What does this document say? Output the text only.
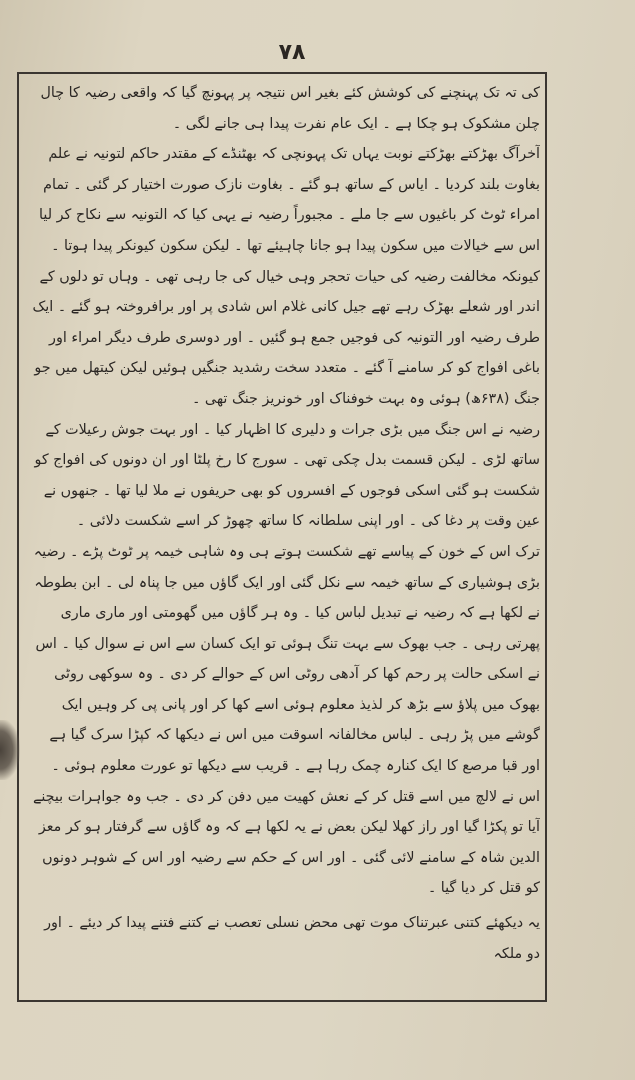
۷۸

کی تہ تک پہنچنے کی کوشش کئے بغیر اس نتیجہ پر پہونچ گیا کہ واقعی رضیہ کا چال چلن مشکوک ہو چکا ہے ۔ ایک عام نفرت پیدا ہی جانے لگی ۔

آخرآگ بھڑکتے بھڑکتے نوبت یہاں تک پہونچی کہ بھٹنڈے کے مقتدر حاکم لتونیہ نے علم بغاوت بلند کردیا ۔ ایاس کے ساتھ ہو گئے ۔ بغاوت نازک صورت اختیار کر گئی ۔ تمام امراء ٹوٹ کر باغیوں سے جا ملے ۔ مجبوراً رضیہ نے یہی کیا کہ التونیہ سے نکاح کر لیا اس سے خیالات میں سکون پیدا ہو جانا چاہیئے تھا ۔ لیکن سکون کیونکر پیدا ہوتا ۔ کیونکہ مخالفت رضیہ کی حیات تحجر وہی خیال کی جا رہی تھی ۔ وہاں تو دلوں کے اندر اور شعلے بھڑک رہے تھے جیل کانی غلام اس شادی پر اور برافروختہ ہو گئے ۔ ایک طرف رضیہ اور التونیہ کی فوجیں جمع ہو گئیں ۔ اور دوسری طرف دیگر امراء اور باغی افواج کو کر سامنے آ گئے ۔ متعدد سخت رشدید جنگیں ہوئیں لیکن کیتھل میں جو جنگ (۶۳۸ھ) ہوئی وہ بہت خوفناک اور خونریز جنگ تھی ۔

رضیہ نے اس جنگ میں بڑی جرات و دلیری کا اظہار کیا ۔ اور بہت جوش رعیلات کے ساتھ لڑی ۔ لیکن قسمت بدل چکی تھی ۔ سورج کا رخ پلٹا اور ان دونوں کی افواج کو شکست ہو گئی اسکی فوجوں کے افسروں کو بھی حریفوں نے ملا لیا تھا ۔ جنھوں نے عین وقت پر دغا کی ۔ اور اپنی سلطانہ کا ساتھ چھوڑ کر اسے شکست دلائی ۔

ترک اس کے خون کے پیاسے تھے شکست ہوتے ہی وہ شاہی خیمہ پر ٹوٹ پڑے ۔ رضیہ بڑی ہوشیاری کے ساتھ خیمہ سے نکل گئی اور ایک گاؤں میں جا پناہ لی ۔ ابن بطوطہ نے لکھا ہے کہ رضیہ نے تبدیل لباس کیا ۔ وہ ہر گاؤں میں گھومتی اور ماری ماری پھرتی رہی ۔ جب بھوک سے بہت تنگ ہوئی تو ایک کسان سے اس نے سوال کیا ۔ اس نے اسکی حالت پر رحم کھا کر آدھی روٹی اس کے حوالے کر دی ۔ وہ سوکھی روٹی بھوک میں پلاؤ سے بڑھ کر لذیذ معلوم ہوئی اسے کھا کر اور پانی پی کر وہیں ایک گوشے میں پڑ رہی ۔ لباس مخالفانہ اسوقت میں اس نے دیکھا کہ کپڑا سرک گیا ہے اور قبا مرصع کا ایک کنارہ چمک رہا ہے ۔ قریب سے دیکھا تو عورت معلوم ہوئی ۔ اس نے لالچ میں اسے قتل کر کے نعش کھیت میں دفن کر دی ۔ جب وہ جواہرات بیچنے آیا تو پکڑا گیا اور راز کھلا لیکن بعض نے یہ لکھا ہے کہ وہ گاؤں سے گرفتار ہو کر معز الدین شاہ کے سامنے لائی گئی ۔ اور اس کے حکم سے رضیہ اور اس کے شوہر دونوں کو قتل کر دیا گیا ۔

یہ دیکھئے کتنی عبرتناک موت تھی محض نسلی تعصب نے کتنے فتنے پیدا کر دیئے ۔ اور دو ملکہ
